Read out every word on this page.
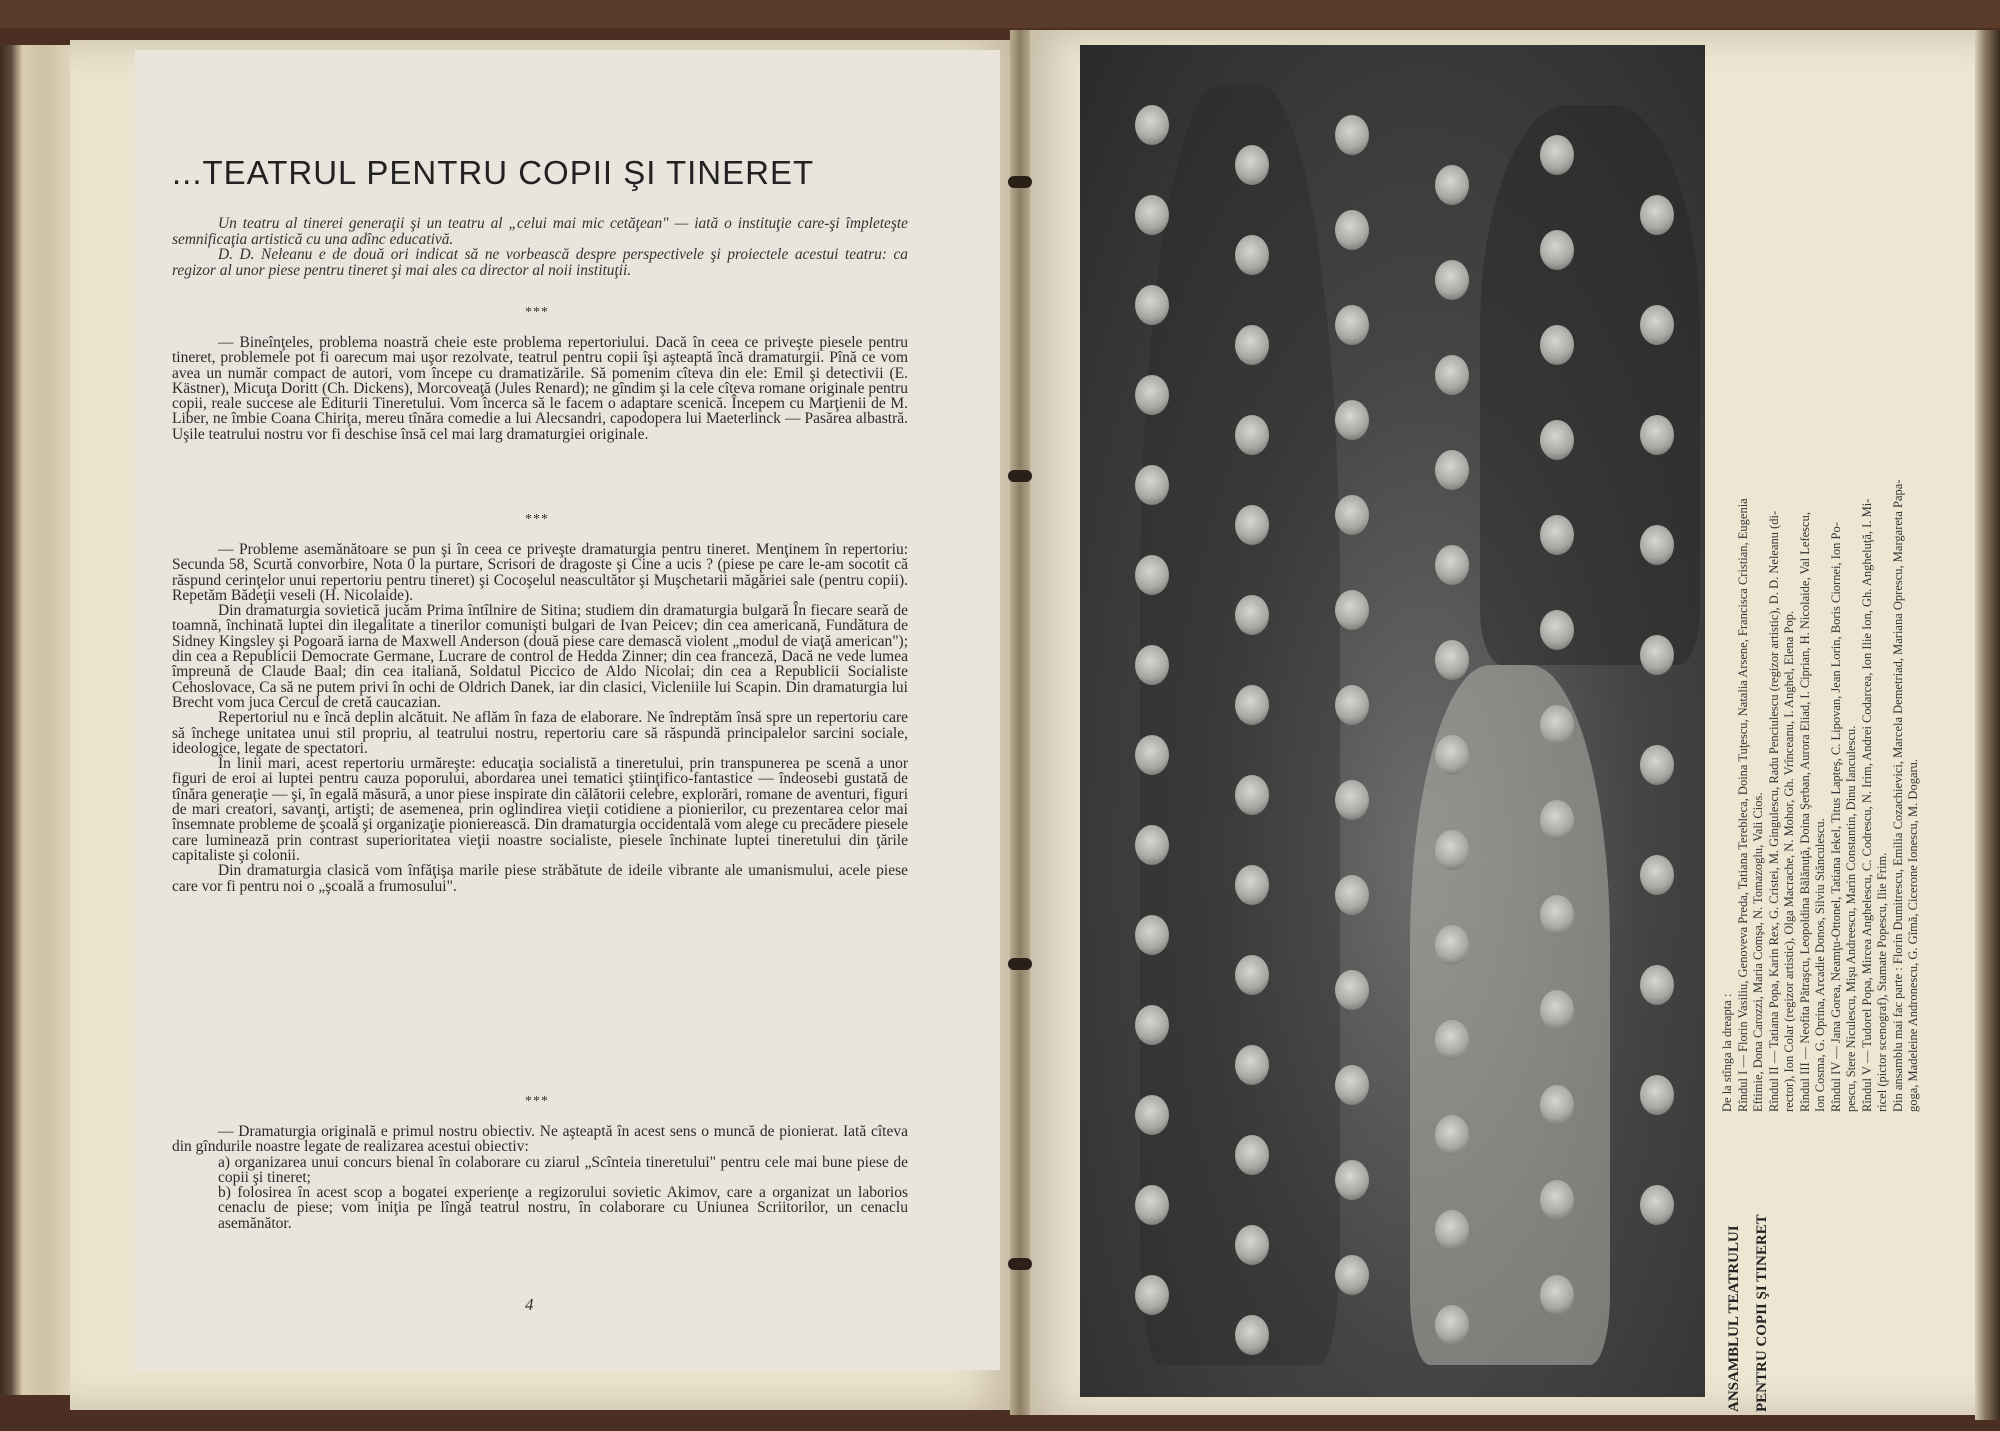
...TEATRUL PENTRU COPII ŞI TINERET

Un teatru al tinerei generaţii şi un teatru al „celui mai mic cetăţean" — iată o instituţie care-şi împleteşte semnificaţia artistică cu una adînc educativă.

D. D. Neleanu e de două ori indicat să ne vorbească despre perspectivele şi proiectele acestui teatru: ca regizor al unor piese pentru tineret şi mai ales ca director al noii instituţii.

***

— Bineînţeles, problema noastră cheie este problema repertoriului. Dacă în ceea ce priveşte piesele pentru tineret, problemele pot fi oarecum mai uşor rezolvate, teatrul pentru copii îşi aşteaptă încă dramaturgii. Pînă ce vom avea un număr compact de autori, vom începe cu dramatizările. Să pomenim cîteva din ele: Emil şi detectivii (E. Kästner), Micuţa Doritt (Ch. Dickens), Morcoveaţă (Jules Renard); ne gîndim şi la cele cîteva romane originale pentru copii, reale succese ale Editurii Tineretului. Vom încerca să le facem o adaptare scenică. Începem cu Marţienii de M. Liber, ne îmbie Coana Chiriţa, mereu tînăra comedie a lui Alecsandri, capodopera lui Maeterlinck — Pasărea albastră. Uşile teatrului nostru vor fi deschise însă cel mai larg dramaturgiei originale.

***

— Probleme asemănătoare se pun şi în ceea ce priveşte dramaturgia pentru tineret. Menţinem în repertoriu: Secunda 58, Scurtă convorbire, Nota 0 la purtare, Scrisori de dragoste şi Cine a ucis ? (piese pe care le-am socotit că răspund cerinţelor unui repertoriu pentru tineret) şi Cocoşelul neascultător şi Muşchetarii măgăriei sale (pentru copii). Repetăm Bădeţii veseli (H. Nicolaide).

Din dramaturgia sovietică jucăm Prima întîlnire de Sitina; studiem din dramaturgia bulgară În fiecare seară de toamnă, închinată luptei din ilegalitate a tinerilor comunişti bulgari de Ivan Peicev; din cea americană, Fundătura de Sidney Kingsley şi Pogoară iarna de Maxwell Anderson (două piese care demască violent „modul de viaţă american"); din cea a Republicii Democrate Germane, Lucrare de control de Hedda Zinner; din cea franceză, Dacă ne vede lumea împreună de Claude Baal; din cea italiană, Soldatul Piccico de Aldo Nicolai; din cea a Republicii Socialiste Cehoslovace, Ca să ne putem privi în ochi de Oldrich Danek, iar din clasici, Vicleniile lui Scapin. Din dramaturgia lui Brecht vom juca Cercul de cretă caucazian.

Repertoriul nu e încă deplin alcătuit. Ne aflăm în faza de elaborare. Ne îndreptăm însă spre un repertoriu care să închege unitatea unui stil propriu, al teatrului nostru, repertoriu care să răspundă principalelor sarcini sociale, ideologice, legate de spectatori.

În linii mari, acest repertoriu urmăreşte: educaţia socialistă a tineretului, prin transpunerea pe scenă a unor figuri de eroi ai luptei pentru cauza poporului, abordarea unei tematici ştiinţifico-fantastice — îndeosebi gustată de tînăra generaţie — şi, în egală măsură, a unor piese inspirate din călătorii celebre, explorări, romane de aventuri, figuri de mari creatori, savanţi, artişti; de asemenea, prin oglindirea vieţii cotidiene a pionierilor, cu prezentarea celor mai însemnate probleme de şcoală şi organizaţie pionierească. Din dramaturgia occidentală vom alege cu precădere piesele care luminează prin contrast superioritatea vieţii noastre socialiste, piesele închinate luptei tineretului din ţările capitaliste şi colonii.

Din dramaturgia clasică vom înfăţişa marile piese străbătute de ideile vibrante ale umanismului, acele piese care vor fi pentru noi o „şcoală a frumosului".

***

— Dramaturgia originală e primul nostru obiectiv. Ne aşteaptă în acest sens o muncă de pionierat. Iată cîteva din gîndurile noastre legate de realizarea acestui obiectiv:

a) organizarea unui concurs bienal în colaborare cu ziarul „Scînteia tineretului" pentru cele mai bune piese de copii şi tineret;

b) folosirea în acest scop a bogatei experienţe a regizorului sovietic Akimov, care a organizat un laborios cenaclu de piese; vom iniţia pe lîngă teatrul nostru, în colaborare cu Uniunea Scriitorilor, un cenaclu asemănător.

4	ANSAMBLUL TEATRULUI PENTRU COPII ŞI TINERET

De la stînga la dreapta : Rîndul I — Florin Vasiliu, Genoveva Preda, Tatiana Terebleca, Doina Tuţescu, Natalia Arsene, Francisca Cristian, Eugenia Eftimie, Dona Carozzi, Maria Comşa, N. Tomazoglu, Vali Cios. Rîndul II — Tatiana Popa, Karin Rex, G. Cristei, M. Gingulescu, Radu Penciulescu (regizor artistic), D. D. Neleanu (di- rector), Ion Colar (regizor artistic), Olga Macrache, N. Mohor, Gh. Vrînceanu, I. Anghel, Elena Pop. Rîndul III — Neofita Pătraşcu, Leopoldina Bălănuţă, Doina Şerban, Aurora Eliad, I. Ciprian, H. Nicolaide, Val Lefescu, Ion Cosma, G. Oprina, Arcadie Donos, Silviu Stănculescu. Rîndul IV — Jana Gorea, Neamţu-Ottonel, Tatiana Iekel, Titus Lapteş, C. Lipovan, Jean Lorin, Boris Ciornei, Ion Po- pescu, Stere Niculescu, Mişu Andreescu, Marin Constantin, Dinu Ianculescu. Rîndul V — Tudorel Popa, Mircea Anghelescu, C. Codrescu, N. Irim, Andrei Codarcea, Ion Ilie Ion, Gh. Angheluţă, I. Mi- ricel (pictor scenograf), Stamate Popescu, Ilie Frim. Din ansamblu mai fac parte : Florin Dumitrescu, Emilia Cozachievici, Marcela Demetriad, Mariana Oprescu, Margareta Papa- goga, Madeleine Andronescu, G. Gîmă, Cicerone Ionescu, M. Dogaru.
